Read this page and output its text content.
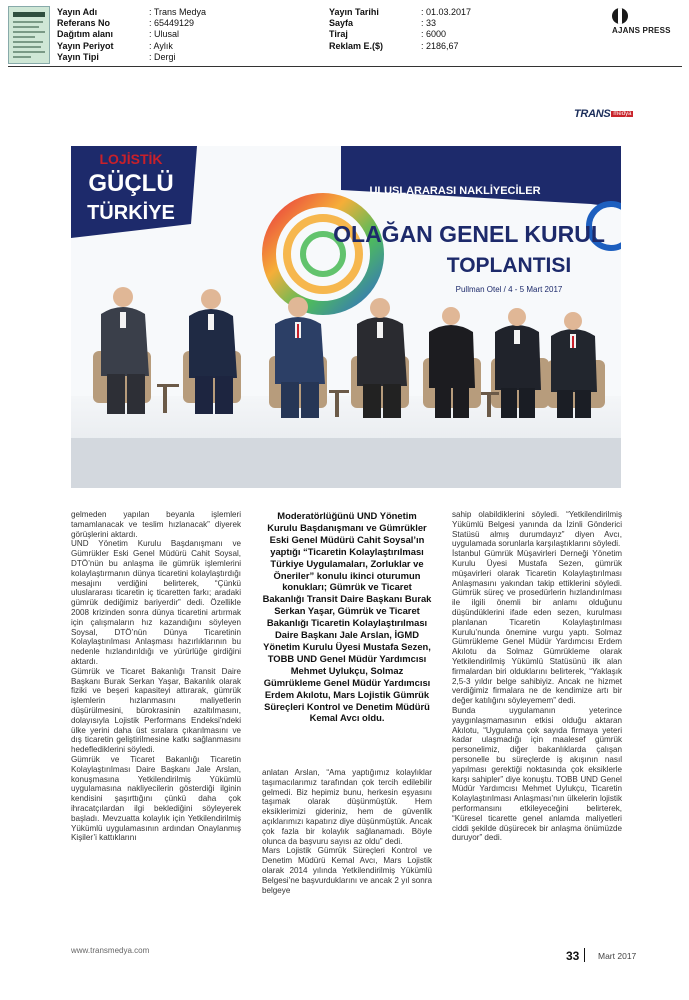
Yayın Adı	: Trans Medya
Referans No	: 65449129
Dağıtım alanı	: Ulusal
Yayın Periyot	: Aylık
Yayın Tipi	: Dergi
Yayın Tarihi	: 01.03.2017
Sayfa	: 33
Tiraj	: 6000
Reklam E.($)	: 2186,67
AJANS PRESS
TRANS medya
LOJİSTİK
GÜÇLÜ
TÜRKİYE
ULUSLARARASI NAKLİYECİLER
OLAĞAN GENEL KURUL
TOPLANTISI
Pullman Otel / 4 - 5 Mart 2017

gelmeden yapılan beyanla işlemleri tamamlanacak ve teslim hızlanacak” diyerek görüşlerini aktardı.

UND Yönetim Kurulu Başdanışmanı ve Gümrükler Eski Genel Müdürü Cahit Soysal, DTÖ’nün bu anlaşma ile gümrük işlemlerini kolaylaştırmanın dünya ticaretini kolaylaştırdığı mesajını verdiğini belirterek, “Çünkü uluslararası ticaretin iç ticaretten farkı; aradaki gümrük dediğimiz bariyerdir” dedi. Özellikle 2008 krizinden sonra dünya ticaretini artırmak için çalışmaların hız kazandığını söyleyen Soysal, DTÖ’nün Dünya Ticaretinin Kolaylaştırılması Anlaşması hazırlıklarının bu nedenle hızlandırıldığı ve yürürlüğe girdiğini aktardı.

Gümrük ve Ticaret Bakanlığı Transit Daire Başkanı Burak Serkan Yaşar, Bakanlık olarak fiziki ve beşeri kapasiteyi attırarak, gümrük işlemlerin hızlanmasını maliyetlerin düşürülmesini, bürokrasinin azaltılmasını, dolayısıyla Lojistik Performans Endeksi’ndeki ülke yerini daha üst sıralara çıkarılmasını ve dış ticaretin geliştirilmesine katkı sağlanmasını hedeflediklerini söyledi.

Gümrük ve Ticaret Bakanlığı Ticaretin Kolaylaştırılması Daire Başkanı Jale Arslan, konuşmasına Yetkilendirilmiş Yükümlü uygulamasına nakliyecilerin gösterdiği ilginin kendisini şaşırttığını çünkü daha çok ihracatçılardan ilgi beklediğini söyleyerek başladı. Mevzuatta kolaylık için Yetkilendirilmiş Yükümlü uygulamasının ardından Onaylanmış Kişiler’i kattıklarını

Moderatörlüğünü UND Yönetim Kurulu Başdanışmanı ve Gümrükler Eski Genel Müdürü Cahit Soysal’ın yaptığı “Ticaretin Kolaylaştırılması Türkiye Uygulamaları, Zorluklar ve Öneriler” konulu ikinci oturumun konukları; Gümrük ve Ticaret Bakanlığı Transit Daire Başkanı Burak Serkan Yaşar, Gümrük ve Ticaret Bakanlığı Ticaretin Kolaylaştırılması Daire Başkanı Jale Arslan, İGMD Yönetim Kurulu Üyesi Mustafa Sezen, TOBB UND Genel Müdür Yardımcısı Mehmet Uylukçu, Solmaz Gümrükleme Genel Müdür Yardımcısı Erdem Akılotu, Mars Lojistik Gümrük Süreçleri Kontrol ve Denetim Müdürü Kemal Avcı oldu.

anlatan Arslan, “Ama yaptığımız kolaylıklar taşımacılarımız tarafından çok tercih edilebilir gelmedi. Biz hepimiz bunu, herkesin eşyasını taşımak olarak düşünmüştük. Hem eksiklerimizi gideriniz, hem de güvenlik açıklarımızı kapatırız diye düşünmüştük. Ancak çok fazla bir kolaylık sağlanamadı. Böyle olunca da başvuru sayısı az oldu” dedi.

Mars Lojistik Gümrük Süreçleri Kontrol ve Denetim Müdürü Kemal Avcı, Mars Lojistik olarak 2014 yılında Yetkilendirilmiş Yükümlü Belgesi’ne başvurduklarını ve ancak 2 yıl sonra belgeye

sahip olabildiklerini söyledi. “Yetkilendirilmiş Yükümlü Belgesi yanında da İzinli Gönderici Statüsü almış durumdayız” diyen Avcı, uygulamada sorunlarla karşılaştıklarını söyledi.

İstanbul Gümrük Müşavirleri Derneği Yönetim Kurulu Üyesi Mustafa Sezen, gümrük müşavirleri olarak Ticaretin Kolaylaştırılması Anlaşmasını yakından takip ettiklerini söyledi. Gümrük süreç ve prosedürlerin hızlandırılması ile ilgili önemli bir anlamı olduğunu düşündüklerini ifade eden sezen, kurulması planlanan Ticaretin Kolaylaştırılması Kurulu’nunda önemine vurgu yaptı. Solmaz Gümrükleme Genel Müdür Yardımcısı Erdem Akılotu da Solmaz Gümrükleme olarak Yetkilendirilmiş Yükümlü Statüsünü ilk alan firmalardan biri olduklarını belirterek, “Yaklaşık 2,5-3 yıldır belge sahibiyiz. Ancak ne hizmet verdiğimiz firmalara ne de kendimize artı bir değer katılığını söyleyemem” dedi.

Bunda uygulamanın yeterince yaygınlaşmamasının etkisi olduğu aktaran Akılotu, “Uygulama çok sayıda firmaya yeteri kadar ulaşmadığı için maalesef gümrük personelimiz, diğer bakanlıklarda çalışan personelle bu süreçlerde iş akışının nasıl yapılması gerektiği noktasında çok eksiklerle karşı sahipler” diye konuştu. TOBB UND Genel Müdür Yardımcısı Mehmet Uylukçu, Ticaretin Kolaylaştırılması Anlaşması’nın ülkelerin lojistik performansını etkileyeceğini belirterek, “Küresel ticarette genel anlamda maliyetleri ciddi şekilde düşürecek bir anlaşma önümüzde duruyor” dedi.

www.transmedya.com	33 Mart 2017
